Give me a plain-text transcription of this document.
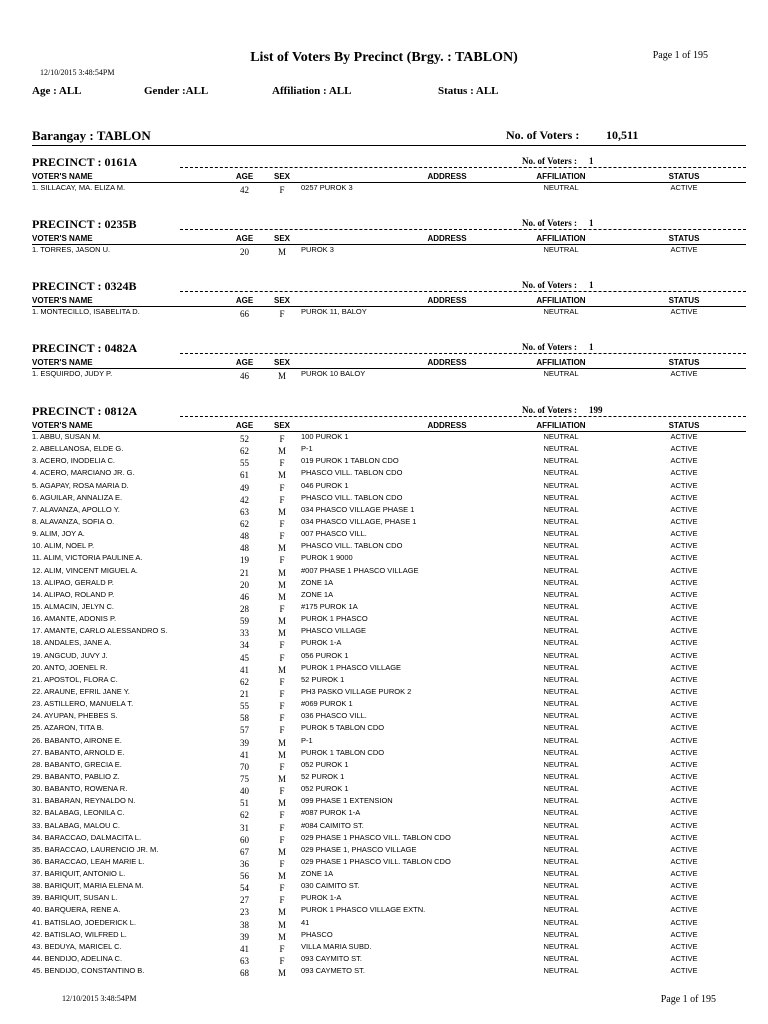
List of Voters By Precinct (Brgy. : TABLON)	Page 1 of 195
12/10/2015 3:48:54PM
Age : ALL	Gender :ALL	Affiliation : ALL	Status : ALL
Barangay : TABLON	No. of Voters : 10,511
PRECINCT : 0161A	No. of Voters : 1
VOTER'S NAME	AGE	SEX	ADDRESS	AFFILIATION	STATUS
1. SILLACAY, MA. ELIZA M.	42	F	0257 PUROK 3	NEUTRAL	ACTIVE
PRECINCT : 0235B	No. of Voters : 1
VOTER'S NAME	AGE	SEX	ADDRESS	AFFILIATION	STATUS
1. TORRES, JASON U.	20	M	PUROK 3	NEUTRAL	ACTIVE
PRECINCT : 0324B	No. of Voters : 1
VOTER'S NAME	AGE	SEX	ADDRESS	AFFILIATION	STATUS
1. MONTECILLO, ISABELITA D.	66	F	PUROK 11, BALOY	NEUTRAL	ACTIVE
PRECINCT : 0482A	No. of Voters : 1
VOTER'S NAME	AGE	SEX	ADDRESS	AFFILIATION	STATUS
1. ESQUIRDO, JUDY P.	46	M	PUROK 10 BALOY	NEUTRAL	ACTIVE
PRECINCT : 0812A	No. of Voters : 199
VOTER'S NAME	AGE	SEX	ADDRESS	AFFILIATION	STATUS
1. ABBU, SUSAN M.	52	F	100 PUROK 1	NEUTRAL	ACTIVE
2. ABELLANOSA, ELDE G.	62	M	P-1	NEUTRAL	ACTIVE
3. ACERO, INODELIA C.	55	F	019 PUROK 1 TABLON CDO	NEUTRAL	ACTIVE
4. ACERO, MARCIANO JR. G.	61	M	PHASCO VILL. TABLON CDO	NEUTRAL	ACTIVE
5. AGAPAY, ROSA MARIA D.	49	F	046 PUROK 1	NEUTRAL	ACTIVE
6. AGUILAR, ANNALIZA E.	42	F	PHASCO VILL. TABLON CDO	NEUTRAL	ACTIVE
7. ALAVANZA, APOLLO Y.	63	M	034 PHASCO VILLAGE PHASE 1	NEUTRAL	ACTIVE
8. ALAVANZA, SOFIA O.	62	F	034 PHASCO VILLAGE, PHASE 1	NEUTRAL	ACTIVE
9. ALIM, JOY A.	48	F	007 PHASCO VILL.	NEUTRAL	ACTIVE
10. ALIM, NOEL P.	48	M	PHASCO VILL. TABLON CDO	NEUTRAL	ACTIVE
11. ALIM, VICTORIA PAULINE A.	19	F	PUROK 1 9000	NEUTRAL	ACTIVE
12. ALIM, VINCENT MIGUEL A.	21	M	#007 PHASE 1 PHASCO VILLAGE	NEUTRAL	ACTIVE
13. ALIPAO, GERALD P.	20	M	ZONE 1A	NEUTRAL	ACTIVE
14. ALIPAO, ROLAND P.	46	M	ZONE 1A	NEUTRAL	ACTIVE
15. ALMACIN, JELYN C.	28	F	#175 PUROK 1A	NEUTRAL	ACTIVE
16. AMANTE, ADONIS P.	59	M	PUROK 1 PHASCO	NEUTRAL	ACTIVE
17. AMANTE, CARLO ALESSANDRO S.	33	M	PHASCO VILLAGE	NEUTRAL	ACTIVE
18. ANDALES, JANE A.	34	F	PUROK 1-A	NEUTRAL	ACTIVE
19. ANGCUD, JUVY J.	45	F	056 PUROK 1	NEUTRAL	ACTIVE
20. ANTO, JOENEL R.	41	M	PUROK 1 PHASCO VILLAGE	NEUTRAL	ACTIVE
21. APOSTOL, FLORA C.	62	F	52 PUROK 1	NEUTRAL	ACTIVE
22. ARAUNE, EFRIL JANE Y.	21	F	PH3 PASKO VILLAGE PUROK 2	NEUTRAL	ACTIVE
23. ASTILLERO, MANUELA T.	55	F	#069 PUROK 1	NEUTRAL	ACTIVE
24. AYUPAN, PHEBES S.	58	F	036 PHASCO VILL.	NEUTRAL	ACTIVE
25. AZARON, TITA B.	57	F	PUROK 5 TABLON CDO	NEUTRAL	ACTIVE
26. BABANTO, AIRONE E.	39	M	P-1	NEUTRAL	ACTIVE
27. BABANTO, ARNOLD E.	41	M	PUROK 1 TABLON CDO	NEUTRAL	ACTIVE
28. BABANTO, GRECIA E.	70	F	052 PUROK 1	NEUTRAL	ACTIVE
29. BABANTO, PABLIO Z.	75	M	52 PUROK 1	NEUTRAL	ACTIVE
30. BABANTO, ROWENA R.	40	F	052 PUROK 1	NEUTRAL	ACTIVE
31. BABARAN, REYNALDO N.	51	M	099 PHASE 1 EXTENSION	NEUTRAL	ACTIVE
32. BALABAG, LEONILA C.	62	F	#087 PUROK 1-A	NEUTRAL	ACTIVE
33. BALABAG, MALOU C.	31	F	#084 CAIMITO ST.	NEUTRAL	ACTIVE
34. BARACCAO, DALMACITA L.	60	F	029 PHASE 1 PHASCO VILL. TABLON CDO	NEUTRAL	ACTIVE
35. BARACCAO, LAURENCIO JR. M.	67	M	029 PHASE 1, PHASCO VILLAGE	NEUTRAL	ACTIVE
36. BARACCAO, LEAH MARIE L.	36	F	029 PHASE 1 PHASCO VILL. TABLON CDO	NEUTRAL	ACTIVE
37. BARIQUIT, ANTONIO L.	56	M	ZONE 1A	NEUTRAL	ACTIVE
38. BARIQUIT, MARIA ELENA M.	54	F	030 CAIMITO ST.	NEUTRAL	ACTIVE
39. BARIQUIT, SUSAN L.	27	F	PUROK 1-A	NEUTRAL	ACTIVE
40. BARQUERA, RENE A.	23	M	PUROK 1 PHASCO VILLAGE EXTN.	NEUTRAL	ACTIVE
41. BATISLAO, JOEDERICK L.	38	M	41	NEUTRAL	ACTIVE
42. BATISLAO, WILFRED L.	39	M	PHASCO	NEUTRAL	ACTIVE
43. BEDUYA, MARICEL C.	41	F	VILLA MARIA SUBD.	NEUTRAL	ACTIVE
44. BENDIJO, ADELINA C.	63	F	093 CAYMITO ST.	NEUTRAL	ACTIVE
45. BENDIJO, CONSTANTINO B.	68	M	093 CAYMETO ST.	NEUTRAL	ACTIVE
12/10/2015 3:48:54PM	Page 1 of 195
